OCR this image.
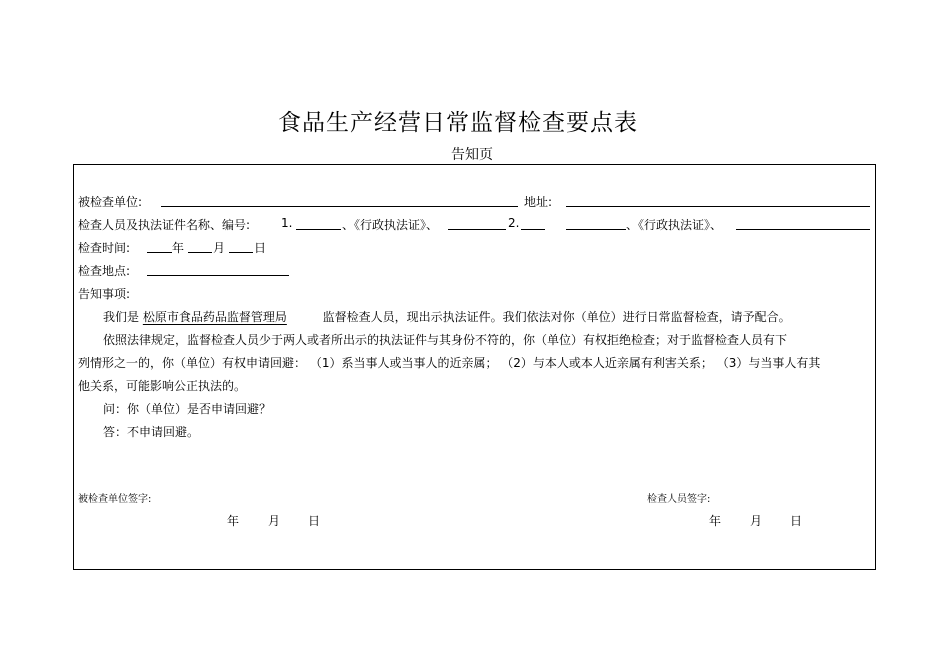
食品生产经营日常监督检查要点表
告知页
被检查单位:	地址:
检查人员及执法证件名称、编号:	1.	、《行政执法证》、	2.	、《行政执法证》、
检查时间:	年 月 日
检查地点:
告知事项:
我们是 松原市食品药品监督管理局	监督检查人员，现出示执法证件。我们依法对你（单位）进行日常监督检查，请予配合。
依照法律规定，监督检查人员少于两人或者所出示的执法证件与其身份不符的，你（单位）有权拒绝检查；对于监督检查人员有下
列情形之一的，你（单位）有权申请回避： （1）系当事人或当事人的近亲属； （2）与本人或本人近亲属有利害关系； （3）与当事人有其
他关系，可能影响公正执法的。
问：你（单位）是否申请回避？
答：不申请回避。
被检查单位签字:	检查人员签字:
年 月 日	年 月 日
